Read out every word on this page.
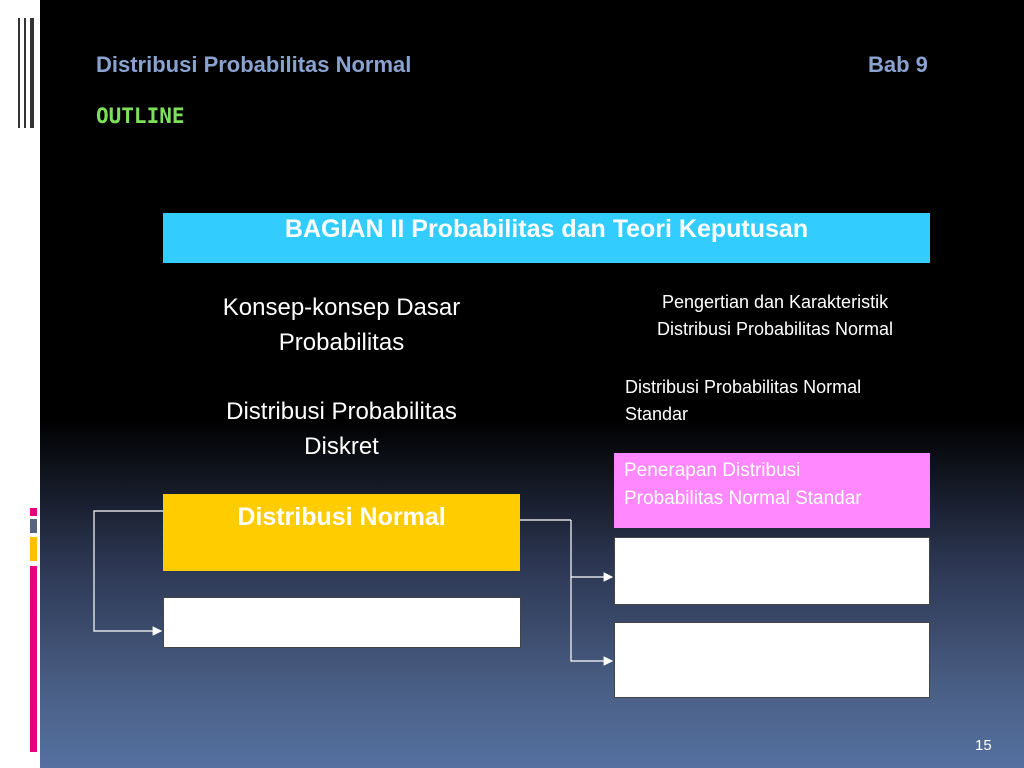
Distribusi Probabilitas Normal	Bab 9
OUTLINE
BAGIAN II Probabilitas dan Teori Keputusan
Konsep-konsep Dasar
Probabilitas
Distribusi Probabilitas
Diskret
Pengertian dan Karakteristik
Distribusi Probabilitas Normal
Distribusi Probabilitas Normal
Standar
Penerapan Distribusi
Probabilitas Normal Standar
Distribusi Normal
15
